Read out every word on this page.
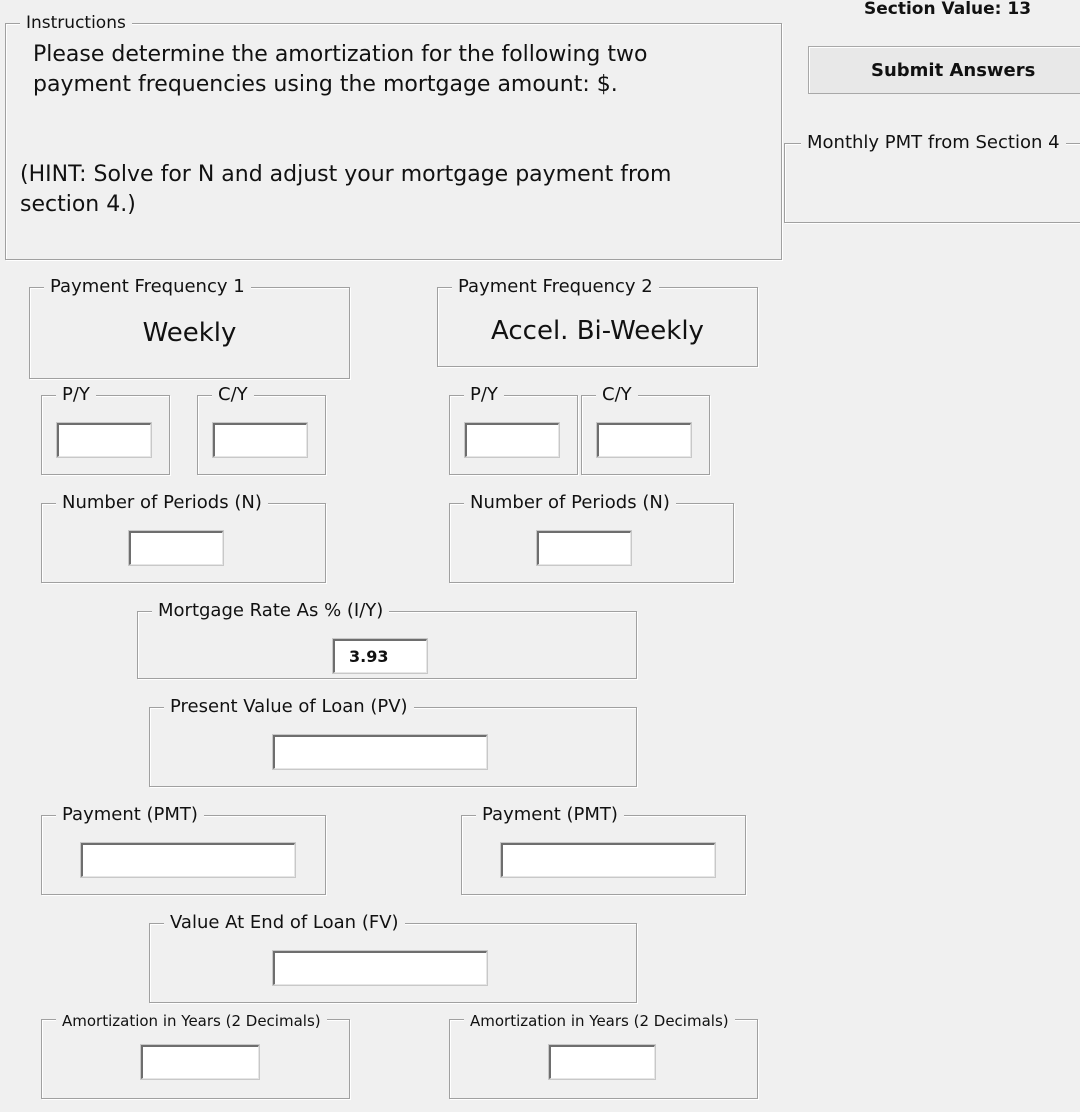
Section Value: 13
Submit Answers
Instructions
Please determine the amortization for the following two
payment frequencies using the mortgage amount: $.
(HINT: Solve for N and adjust your mortgage payment from
section 4.)
Monthly PMT from Section 4
Payment Frequency 1
Weekly
Payment Frequency 2
Accel. Bi-Weekly
P/Y	C/Y	P/Y	C/Y
Number of Periods (N)	Number of Periods (N)
Mortgage Rate As % (I/Y)
3.93
Present Value of Loan (PV)
Payment (PMT)	Payment (PMT)
Value At End of Loan (FV)
Amortization in Years (2 Decimals)	Amortization in Years (2 Decimals)
